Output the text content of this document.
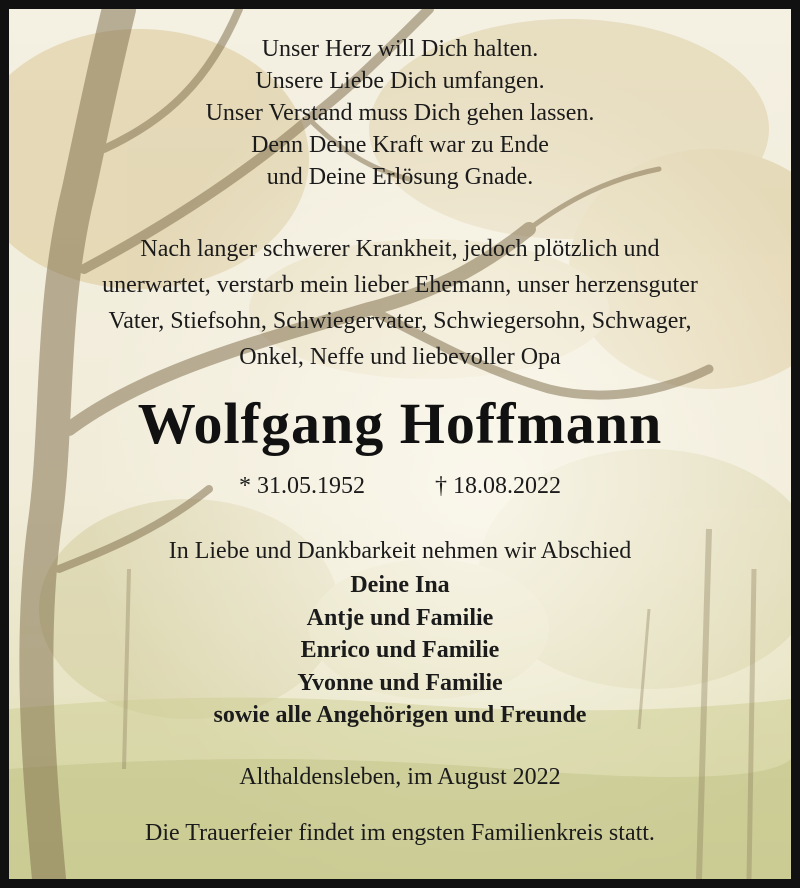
Unser Herz will Dich halten.
Unsere Liebe Dich umfangen.
Unser Verstand muss Dich gehen lassen.
Denn Deine Kraft war zu Ende
und Deine Erlösung Gnade.
Nach langer schwerer Krankheit, jedoch plötzlich und
unerwartet, verstarb mein lieber Ehemann, unser herzensguter
Vater, Stiefsohn, Schwiegervater, Schwiegersohn, Schwager,
Onkel, Neffe und liebevoller Opa
Wolfgang Hoffmann
* 31.05.1952	† 18.08.2022
In Liebe und Dankbarkeit nehmen wir Abschied
Deine Ina
Antje und Familie
Enrico und Familie
Yvonne und Familie
sowie alle Angehörigen und Freunde
Althaldensleben, im August 2022
Die Trauerfeier findet im engsten Familienkreis statt.
